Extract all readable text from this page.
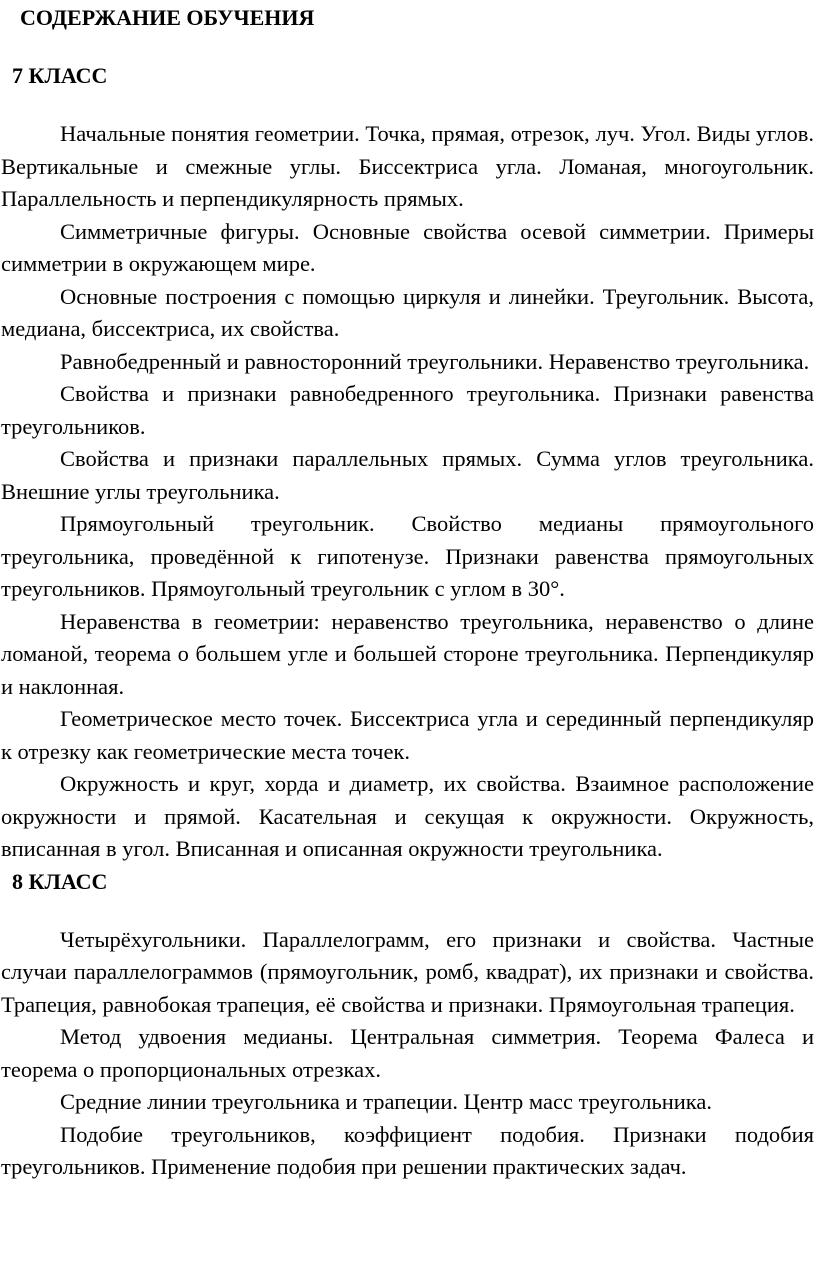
СОДЕРЖАНИЕ ОБУЧЕНИЯ
7 КЛАСС

Начальные понятия геометрии. Точка, прямая, отрезок, луч. Угол. Виды углов. Вертикальные и смежные углы. Биссектриса угла. Ломаная, многоугольник. Параллельность и перпендикулярность прямых.

Симметричные фигуры. Основные свойства осевой симметрии. Примеры симметрии в окружающем мире.

Основные построения с помощью циркуля и линейки. Треугольник. Высота, медиана, биссектриса, их свойства.

Равнобедренный и равносторонний треугольники. Неравенство треугольника.

Свойства и признаки равнобедренного треугольника. Признаки равенства треугольников.

Свойства и признаки параллельных прямых. Сумма углов треугольника. Внешние углы треугольника.

Прямоугольный треугольник. Свойство медианы прямоугольного треугольника, проведённой к гипотенузе. Признаки равенства прямоугольных треугольников. Прямоугольный треугольник с углом в 30°.

Неравенства в геометрии: неравенство треугольника, неравенство о длине ломаной, теорема о большем угле и большей стороне треугольника. Перпендикуляр и наклонная.

Геометрическое место точек. Биссектриса угла и серединный перпендикуляр к отрезку как геометрические места точек.

Окружность и круг, хорда и диаметр, их свойства. Взаимное расположение окружности и прямой. Касательная и секущая к окружности. Окружность, вписанная в угол. Вписанная и описанная окружности треугольника.

8 КЛАСС

Четырёхугольники. Параллелограмм, его признаки и свойства. Частные случаи параллелограммов (прямоугольник, ромб, квадрат), их признаки и свойства. Трапеция, равнобокая трапеция, её свойства и признаки. Прямоугольная трапеция.

Метод удвоения медианы. Центральная симметрия. Теорема Фалеса и теорема о пропорциональных отрезках.

Средние линии треугольника и трапеции. Центр масс треугольника.

Подобие треугольников, коэффициент подобия. Признаки подобия треугольников. Применение подобия при решении практических задач.
